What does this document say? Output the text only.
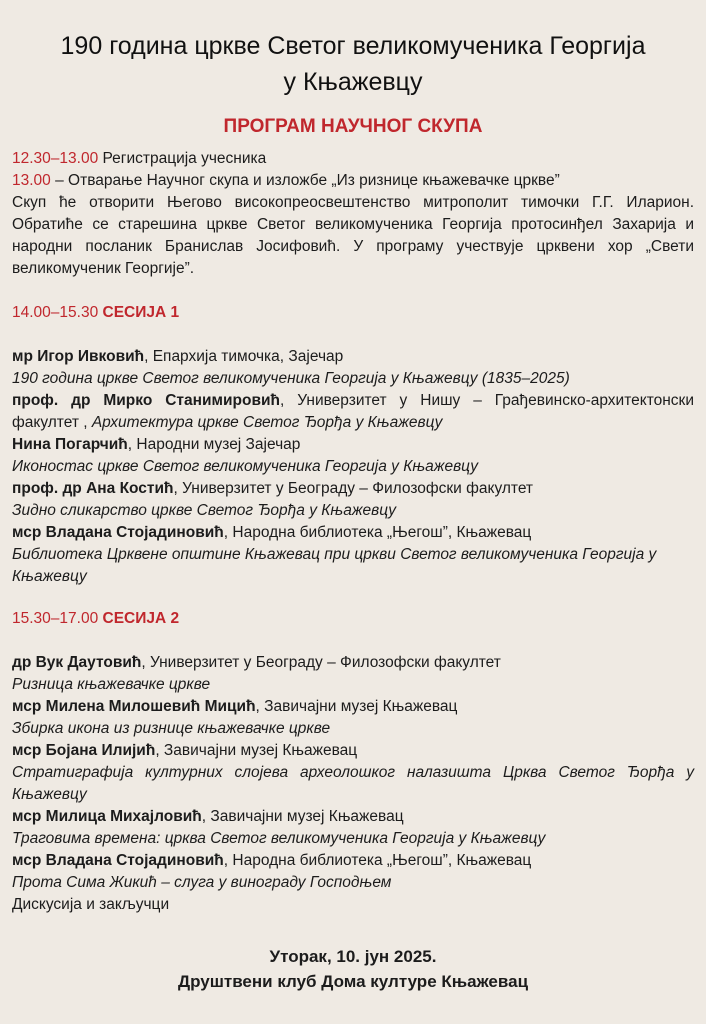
190 година цркве Светог великомученика Георгија
у Књажевцу
ПРОГРАМ НАУЧНОГ СКУПА
12.30–13.00 Регистрација учесника
13.00 – Отварање Научног скупа и изложбе „Из ризнице књажевачке цркве”
Скуп ће отворити Његово високопреосвештенство митрополит тимочки Г.Г. Иларион. Обратиће се старешина цркве Светог великомученика Георгија протосинђел Захарија и народни посланик Бранислав Јосифовић. У програму учествује црквени хор „Свети великомученик Георгије”.
14.00–15.30 СЕСИЈА 1
мр Игор Ивковић, Епархија тимочка, Зајечар
190 година цркве Светог великомученика Георгија у Књажевцу (1835–2025)
проф. др Мирко Станимировић, Универзитет у Нишу – Грађевинско-архитектонски факултет , Архитектура цркве Светог Ђорђа у Књажевцу
Нина Погарчић, Народни музеј Зајечар
Иконостас цркве Светог великомученика Георгија у Књажевцу
проф. др Ана Костић, Универзитет у Београду – Филозофски факултет
Зидно сликарство цркве Светог Ђорђа у Књажевцу
мср Владана Стојадиновић, Народна библиотека „Његош”, Књажевац
Библиотека Црквене општине Књажевац при цркви Светог великомученика Георгија у Књажевцу
15.30–17.00 СЕСИЈА 2
др Вук Даутовић, Универзитет у Београду – Филозофски факултет
Ризница књажевачке цркве
мср Милена Милошевић Мицић, Завичајни музеј Књажевац
Збирка икона из ризнице књажевачке цркве
мср Бојана Илијић, Завичајни музеј Књажевац
Стратиграфија културних слојева археолошког налазишта Црква Светог Ђорђа у Књажевцу
мср Милица Михајловић, Завичајни музеј Књажевац
Траговима времена: црква Светог великомученика Георгија у Књажевцу
мср Владана Стојадиновић, Народна библиотека „Његош”, Књажевац
Прота Сима Жикић – слуга у винограду Господњем
Дискусија и закључци
Уторак, 10. јун 2025.
Друштвени клуб Дома културе Књажевац
